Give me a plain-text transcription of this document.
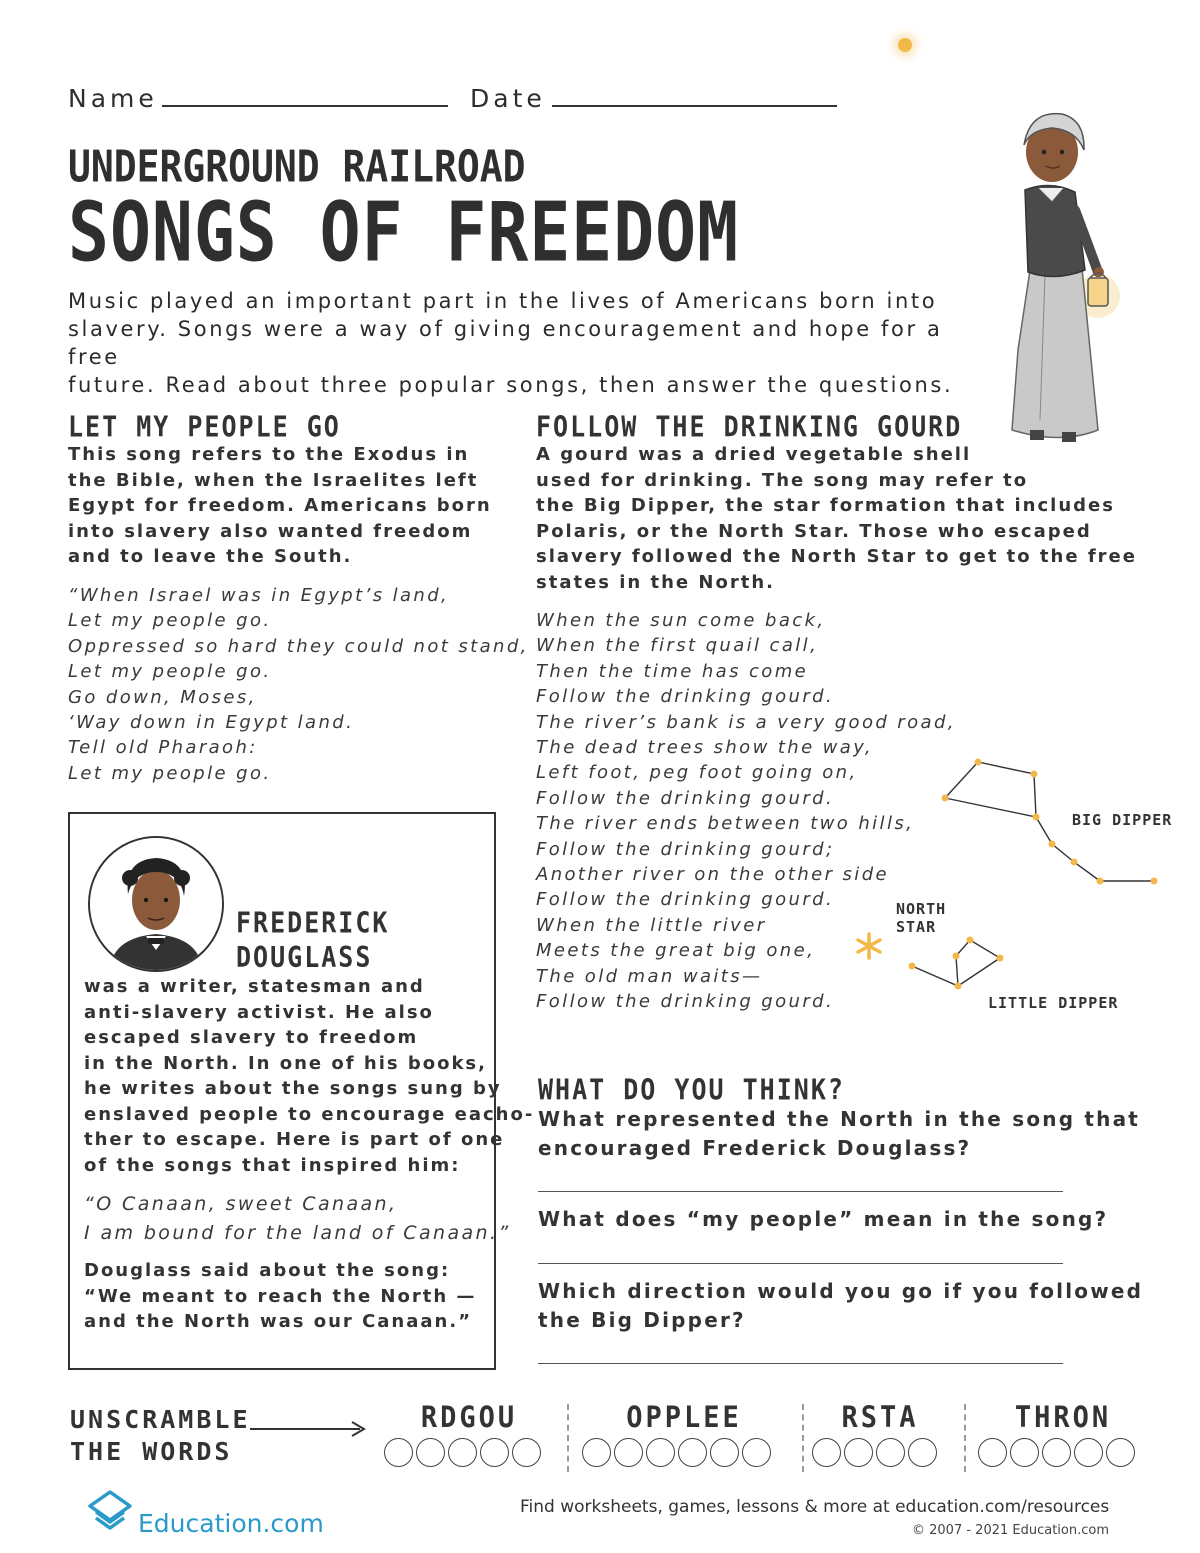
Name	Date
UNDERGROUND RAILROAD
SONGS OF FREEDOM
Music played an important part in the lives of Americans born into
slavery. Songs were a way of giving encouragement and hope for a free
future. Read about three popular songs, then answer the questions.
LET MY PEOPLE GO
This song refers to the Exodus in
the Bible, when the Israelites left
Egypt for freedom. Americans born
into slavery also wanted freedom
and to leave the South.
“When Israel was in Egypt’s land,
Let my people go.
Oppressed so hard they could not stand,
Let my people go.
Go down, Moses,
‘Way down in Egypt land.
Tell old Pharaoh:
Let my people go.
FOLLOW THE DRINKING GOURD
A gourd was a dried vegetable shell
used for drinking. The song may refer to
the Big Dipper, the star formation that includes
Polaris, or the North Star. Those who escaped
slavery followed the North Star to get to the free
states in the North.
When the sun come back,
When the first quail call,
Then the time has come
Follow the drinking gourd.
The river’s bank is a very good road,
The dead trees show the way,
Left foot, peg foot going on,
Follow the drinking gourd.
The river ends between two hills,
Follow the drinking gourd;
Another river on the other side
Follow the drinking gourd.
When the little river
Meets the great big one,
The old man waits—
Follow the drinking gourd.
BIG DIPPER
NORTH
STAR
LITTLE DIPPER
FREDERICK
DOUGLASS
was a writer, statesman and
anti-slavery activist. He also
escaped slavery to freedom
in the North. In one of his books,
he writes about the songs sung by
enslaved people to encourage eacho-
ther to escape. Here is part of one
of the songs that inspired him:
“O Canaan, sweet Canaan,
I am bound for the land of Canaan.”
Douglass said about the song:
“We meant to reach the North —
and the North was our Canaan.”
WHAT DO YOU THINK?
What represented the North in the song that
encouraged Frederick Douglass?
What does “my people” mean in the song?
Which direction would you go if you followed
the Big Dipper?
UNSCRAMBLE
THE WORDS
RDGOU	OPPLEE	RSTA	THRON
Education.com
Find worksheets, games, lessons & more at education.com/resources
© 2007 - 2021 Education.com
